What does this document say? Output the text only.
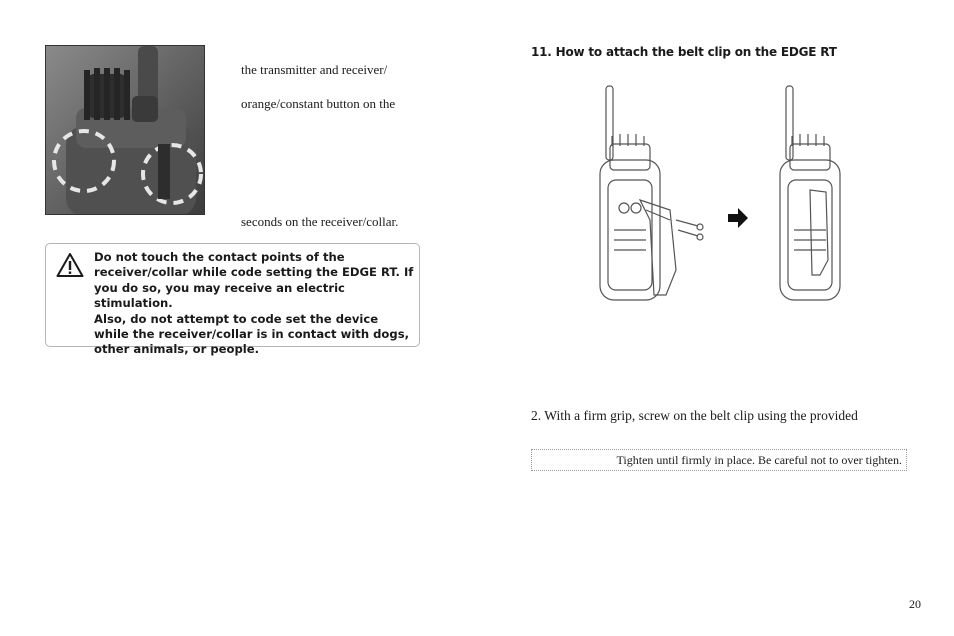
the transmitter and receiver/
orange/constant button on the
seconds on the receiver/collar.

Do not touch the contact points of the receiver/collar while code setting the EDGE RT. If you do so, you may receive an electric stimulation.

Also, do not attempt to code set the device while the receiver/collar is in contact with dogs, other animals, or people.

11. How to attach the belt clip on the EDGE RT
2. With a firm grip, screw on the belt clip using the provided
Tighten until firmly in place. Be careful not to over tighten.
20
